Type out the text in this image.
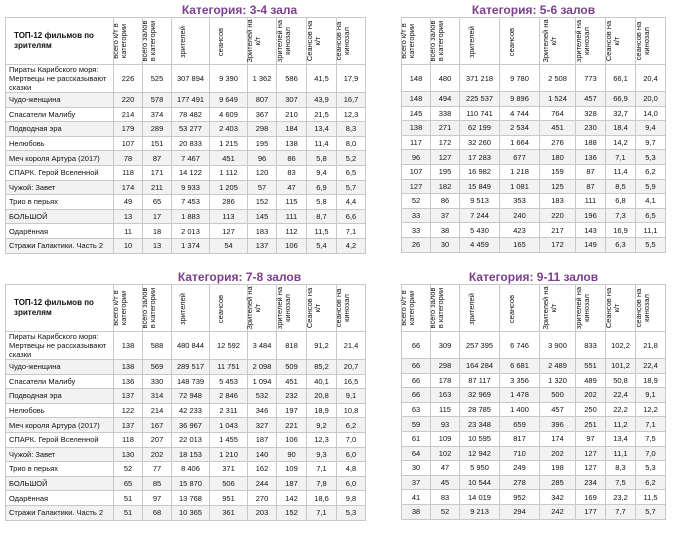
	Категория: 3-4 зала							
ТОП-12 фильмов по зрителям	всего к/т в категории	всего залов в категории	зрителей	сеансов	Зрителей на к/т	зрителей на кинозал	Сеансов на к/т	сеансов на кинозал
Пираты Карибского моря: Мертвецы не рассказывают сказки	226	525	307 894	9 390	1 362	586	41,5	17,9
Чудо-женщина	220	578	177 491	9 649	807	307	43,9	16,7
Спасатели Малибу	214	374	78 482	4 609	367	210	21,5	12,3
Подводная эра	179	289	53 277	2 403	298	184	13,4	8,3
Нелюбовь	107	151	20 833	1 215	195	138	11,4	8,0
Меч короля Артура (2017)	78	87	7 467	451	96	86	5,8	5,2
СПАРК. Герой Вселенной	118	171	14 122	1 112	120	83	9,4	6,5
Чужой: Завет	174	211	9 933	1 205	57	47	6,9	5,7
Трио в перьях	49	65	7 453	286	152	115	5,8	4,4
БОЛЬШОЙ	13	17	1 883	113	145	111	8,7	6,6
Одарённая	11	18	2 013	127	183	112	11,5	7,1
Стражи Галактики. Часть 2	10	13	1 374	54	137	106	5,4	4,2
Категория: 5-6 залов							
всего к/т в категории	всего залов в категории	зрителей	сеансов	Зрителей на к/т	зрителей на кинозал	Сеансов на к/т	сеансов на кинозал
148	480	371 218	9 780	2 508	773	66,1	20,4
148	494	225 537	9 896	1 524	457	66,9	20,0
145	338	110 741	4 744	764	328	32,7	14,0
138	271	62 199	2 534	451	230	18,4	9,4
117	172	32 260	1 664	276	188	14,2	9,7
96	127	17 283	677	180	136	7,1	5,3
107	195	16 982	1 218	159	87	11,4	6,2
127	182	15 849	1 081	125	87	8,5	5,9
52	86	9 513	353	183	111	6,8	4,1
33	37	7 244	240	220	196	7,3	6,5
33	38	5 430	423	217	143	16,9	11,1
26	30	4 459	165	172	149	6,3	5,5
	Категория: 7-8 залов							
ТОП-12 фильмов по зрителям	всего к/т в категории	всего залов в категории	зрителей	сеансов	Зрителей на к/т	зрителей на кинозал	Сеансов на к/т	сеансов на кинозал
Пираты Карибского моря: Мертвецы не рассказывают сказки	138	588	480 844	12 592	3 484	818	91,2	21,4
Чудо-женщина	138	569	289 517	11 751	2 098	509	85,2	20,7
Спасатели Малибу	136	330	148 739	5 453	1 094	451	40,1	16,5
Подводная эра	137	314	72 948	2 846	532	232	20,8	9,1
Нелюбовь	122	214	42 233	2 311	346	197	18,9	10,8
Меч короля Артура (2017)	137	167	36 967	1 043	327	221	9,2	6,2
СПАРК. Герой Вселенной	118	207	22 013	1 455	187	106	12,3	7,0
Чужой: Завет	130	202	18 153	1 210	140	90	9,3	6,0
Трио в перьях	52	77	8 406	371	162	109	7,1	4,8
БОЛЬШОЙ	65	85	15 870	506	244	187	7,8	6,0
Одарённая	51	97	13 768	951	270	142	18,6	9,8
Стражи Галактики. Часть 2	51	68	10 365	361	203	152	7,1	5,3
Категория: 9-11 залов							
всего к/т в категории	всего залов в категории	зрителей	сеансов	Зрителей на к/т	зрителей на кинозал	Сеансов на к/т	сеансов на кинозал
66	309	257 395	6 746	3 900	833	102,2	21,8
66	298	164 284	6 681	2 489	551	101,2	22,4
66	178	87 117	3 356	1 320	489	50,8	18,9
66	163	32 969	1 478	500	202	22,4	9,1
63	115	28 785	1 400	457	250	22,2	12,2
59	93	23 348	659	396	251	11,2	7,1
61	109	10 595	817	174	97	13,4	7,5
64	102	12 942	710	202	127	11,1	7,0
30	47	5 950	249	198	127	8,3	5,3
37	45	10 544	278	285	234	7,5	6,2
41	83	14 019	952	342	169	23,2	11,5
38	52	9 213	294	242	177	7,7	5,7
